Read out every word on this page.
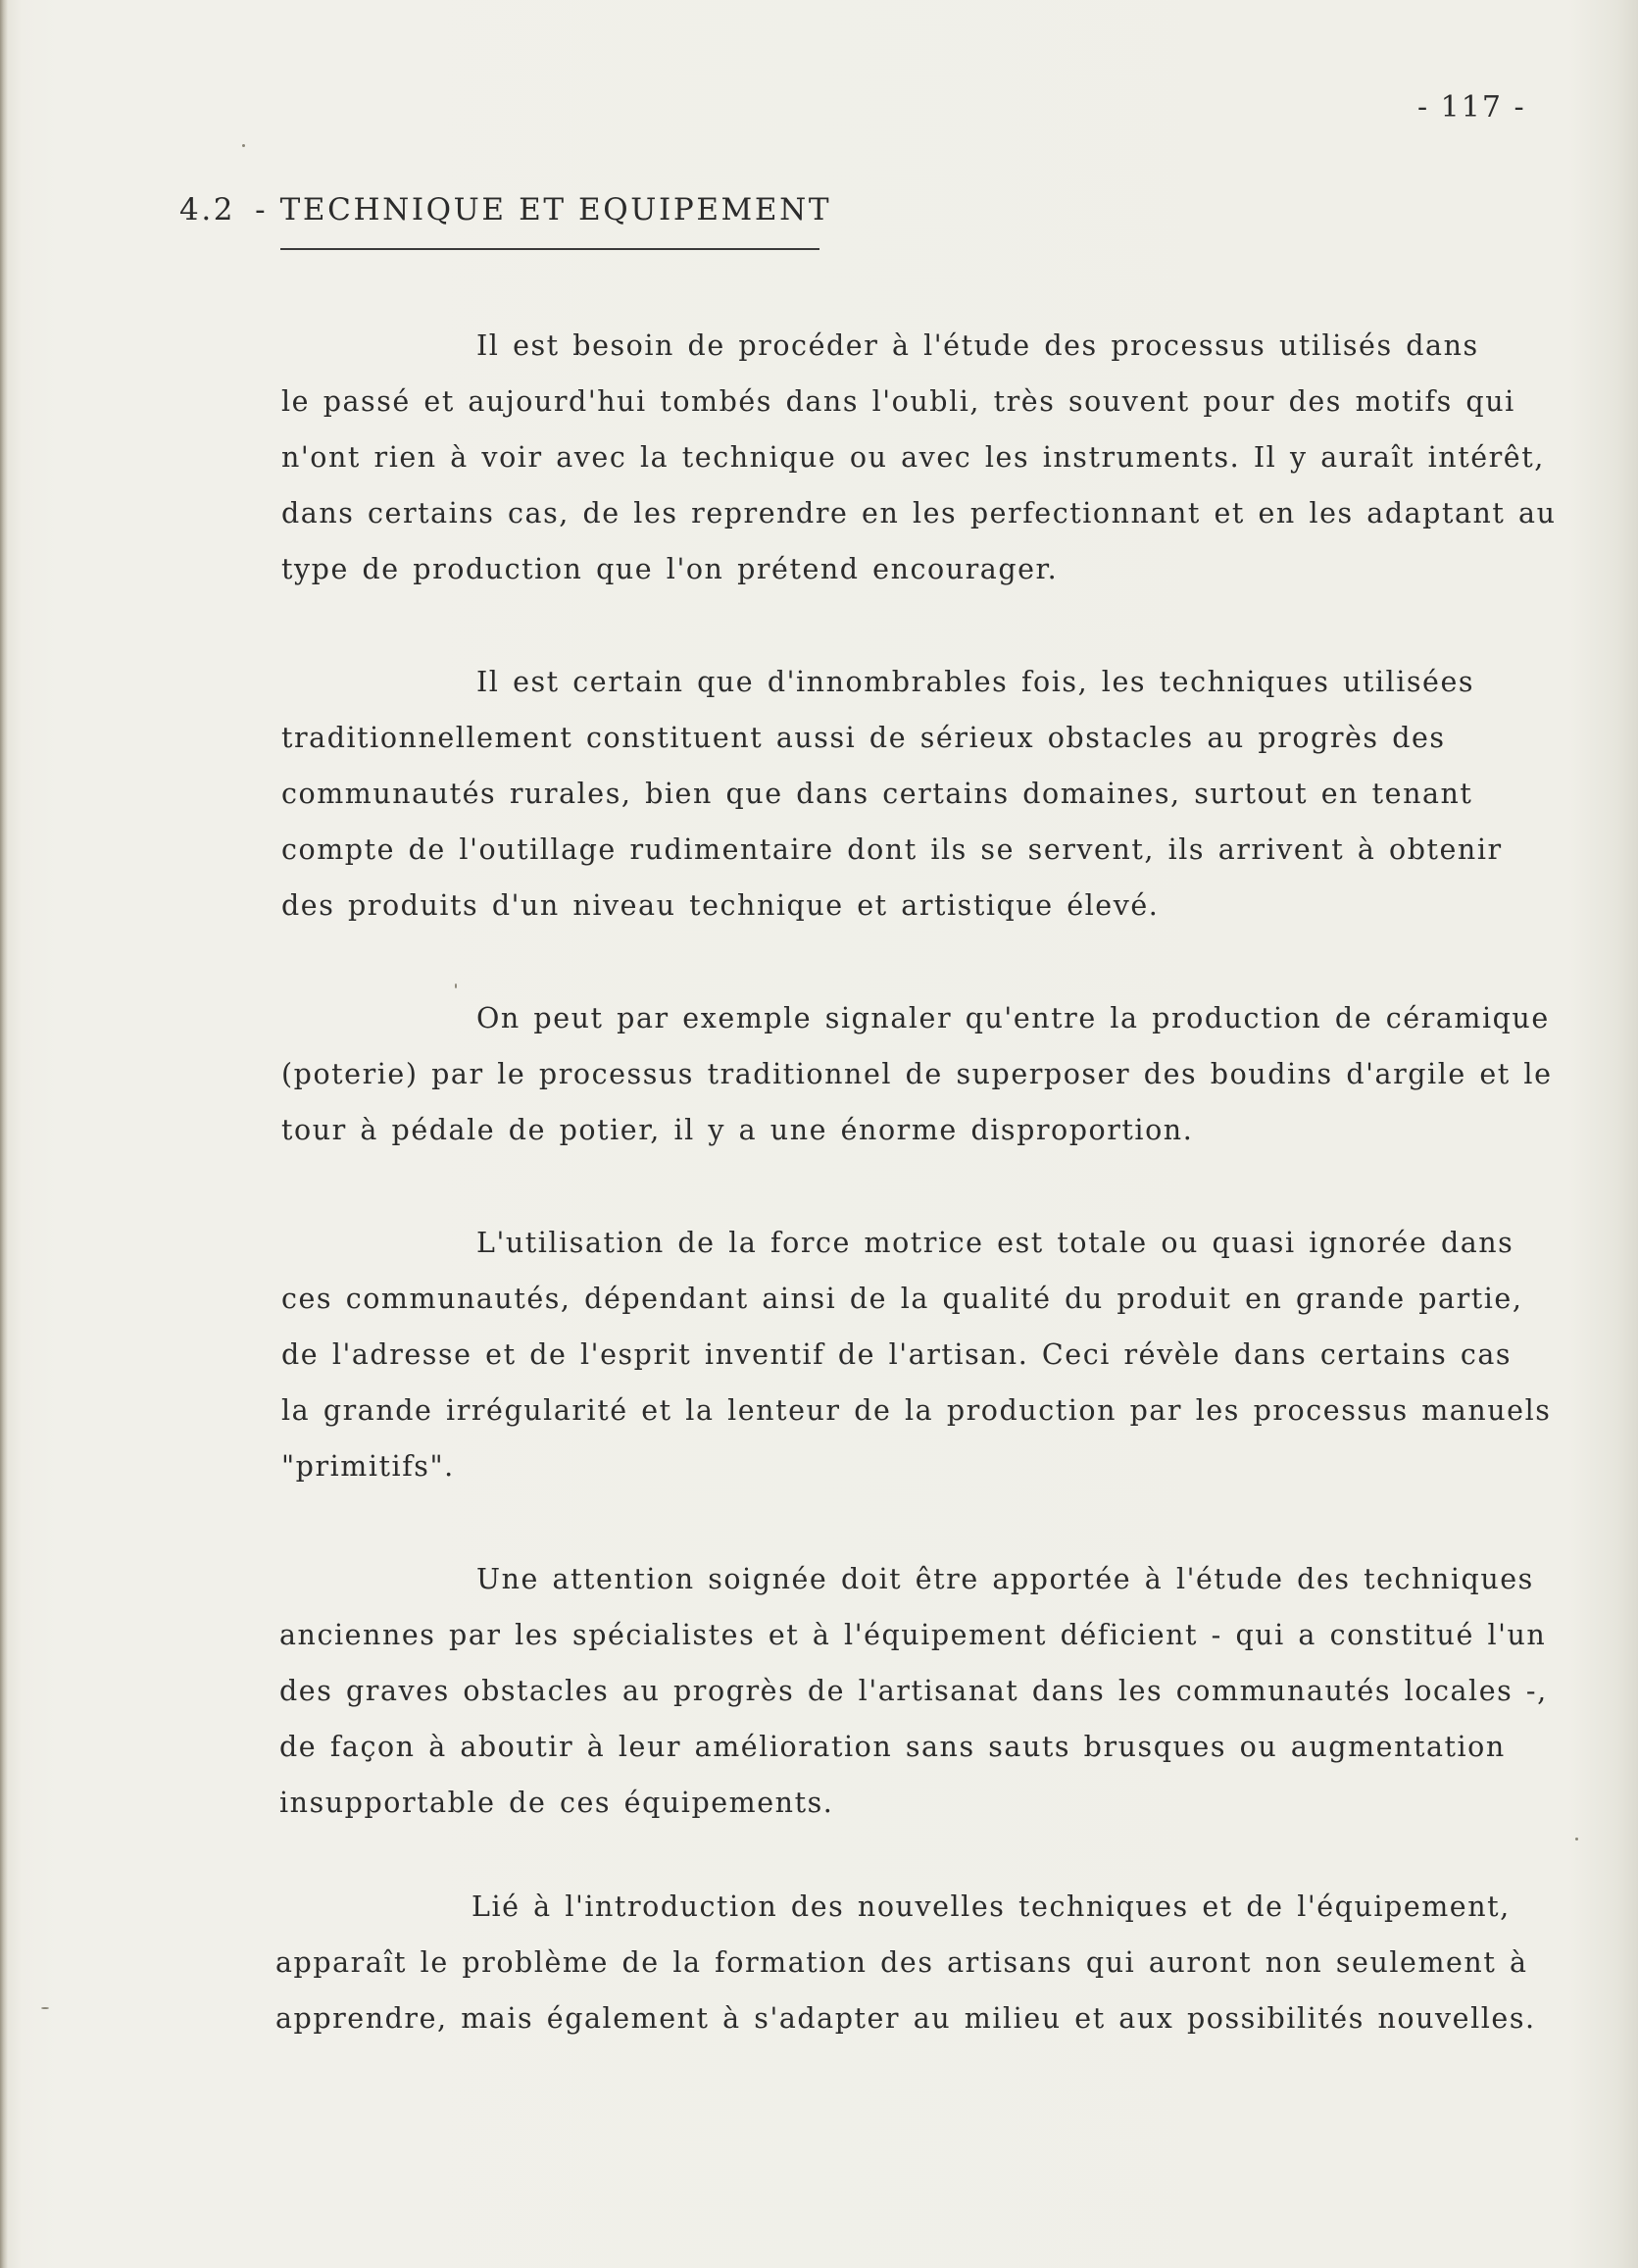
- 117 -
4.2 - TECHNIQUE ET EQUIPEMENT
Il est besoin de procéder à l'étude des processus utilisés dans
le passé et aujourd'hui tombés dans l'oubli, très souvent pour des motifs qui
n'ont rien à voir avec la technique ou avec les instruments. Il y auraît intérêt,
dans certains cas, de les reprendre en les perfectionnant et en les adaptant au
type de production que l'on prétend encourager.
Il est certain que d'innombrables fois, les techniques utilisées
traditionnellement constituent aussi de sérieux obstacles au progrès des
communautés rurales, bien que dans certains domaines, surtout en tenant
compte de l'outillage rudimentaire dont ils se servent, ils arrivent à obtenir
des produits d'un niveau technique et artistique élevé.
On peut par exemple signaler qu'entre la production de céramique
(poterie) par le processus traditionnel de superposer des boudins d'argile et le
tour à pédale de potier, il y a une énorme disproportion.
L'utilisation de la force motrice est totale ou quasi ignorée dans
ces communautés, dépendant ainsi de la qualité du produit en grande partie,
de l'adresse et de l'esprit inventif de l'artisan. Ceci révèle dans certains cas
la grande irrégularité et la lenteur de la production par les processus manuels
"primitifs".
Une attention soignée doit être apportée à l'étude des techniques
anciennes par les spécialistes et à l'équipement déficient - qui a constitué l'un
des graves obstacles au progrès de l'artisanat dans les communautés locales -,
de façon à aboutir à leur amélioration sans sauts brusques ou augmentation
insupportable de ces équipements.
Lié à l'introduction des nouvelles techniques et de l'équipement,
apparaît le problème de la formation des artisans qui auront non seulement à
apprendre, mais également à s'adapter au milieu et aux possibilités nouvelles.
